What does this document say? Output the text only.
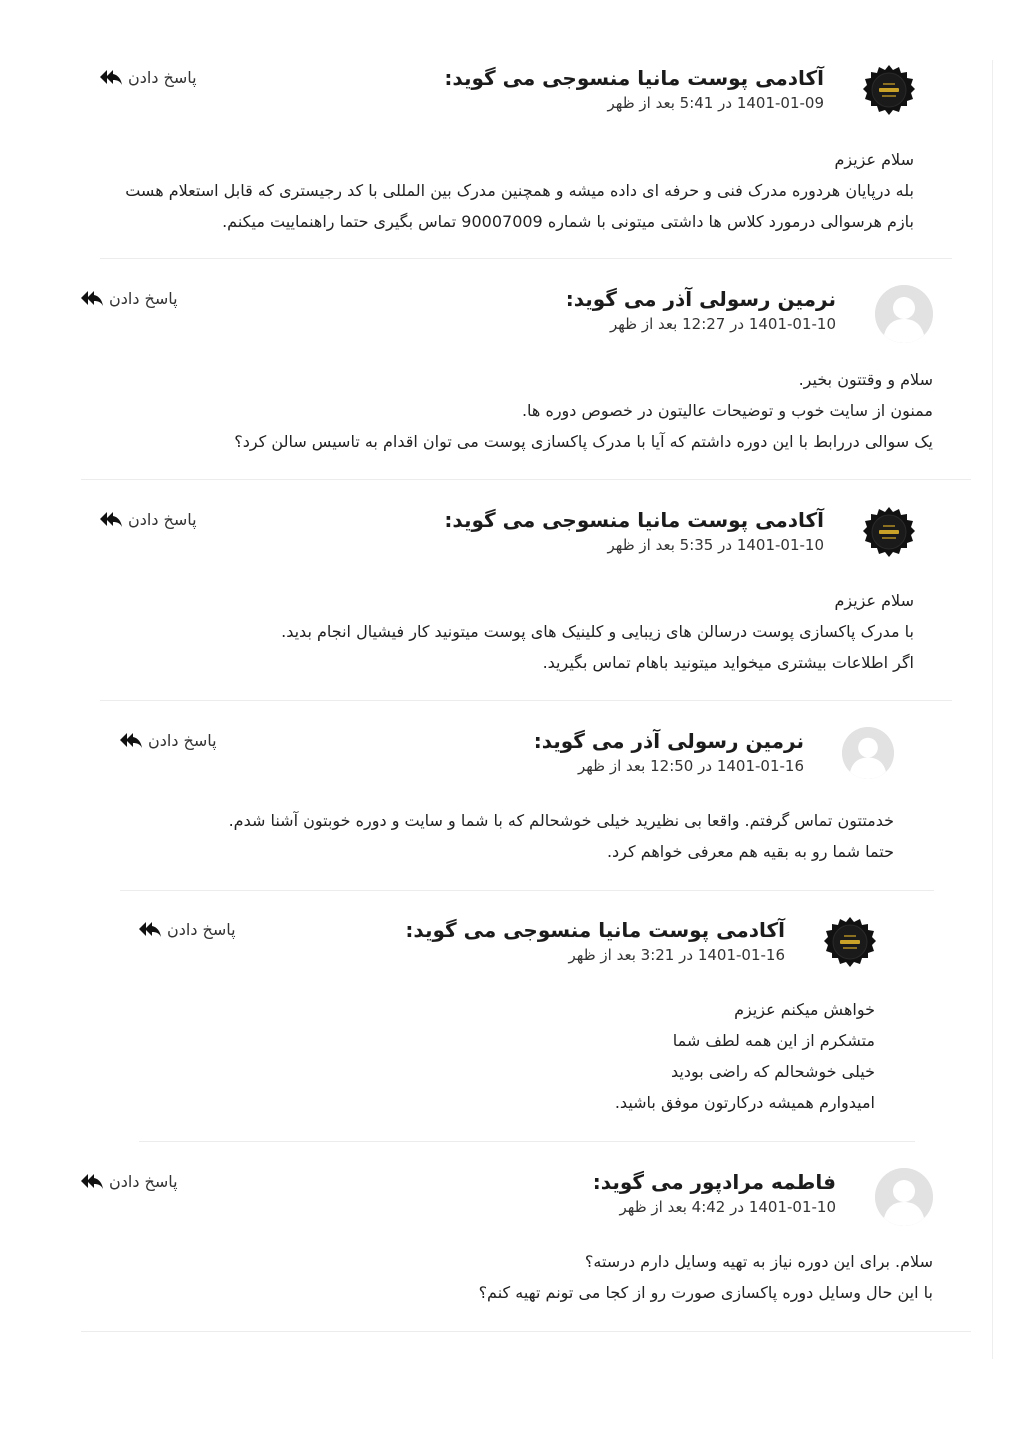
آکادمی پوست مانیا منسوجی می گوید:
1401-01-09 در 5:41 بعد از ظهر
پاسخ دادن

سلام عزیزم

بله درپایان هردوره مدرک فنی و حرفه ای داده میشه و همچنین مدرک بین المللی با کد رجیستری که قابل استعلام هست

بازم هرسوالی درمورد کلاس ها داشتی میتونی با شماره 90007009 تماس بگیری حتما راهنماییت میکنم.

نرمین رسولی آذر می گوید:
1401-01-10 در 12:27 بعد از ظهر
پاسخ دادن

سلام و وقتتون بخیر.

ممنون از سایت خوب و توضیحات عالیتون در خصوص دوره ها.

یک سوالی دررابط با این دوره داشتم که آیا با مدرک پاکسازی پوست می توان اقدام به تاسیس سالن کرد؟

آکادمی پوست مانیا منسوجی می گوید:
1401-01-10 در 5:35 بعد از ظهر
پاسخ دادن

سلام عزیزم

با مدرک پاکسازی پوست درسالن های زیبایی و کلینیک های پوست میتونید کار فیشیال انجام بدید.

اگر اطلاعات بیشتری میخواید میتونید باهام تماس بگیرید.

نرمین رسولی آذر می گوید:
1401-01-16 در 12:50 بعد از ظهر
پاسخ دادن

خدمتتون تماس گرفتم. واقعا بی نظیرید خیلی خوشحالم که با شما و سایت و دوره خوبتون آشنا شدم.

حتما شما رو به بقیه هم معرفی خواهم کرد.

آکادمی پوست مانیا منسوجی می گوید:
1401-01-16 در 3:21 بعد از ظهر
پاسخ دادن

خواهش میکنم عزیزم

متشکرم از این همه لطف شما

خیلی خوشحالم که راضی بودید

امیدوارم همیشه درکارتون موفق باشید.

فاطمه مرادپور می گوید:
1401-01-10 در 4:42 بعد از ظهر
پاسخ دادن

سلام. برای این دوره نیاز به تهیه وسایل دارم درسته؟

با این حال وسایل دوره پاکسازی صورت رو از کجا می تونم تهیه کنم؟
